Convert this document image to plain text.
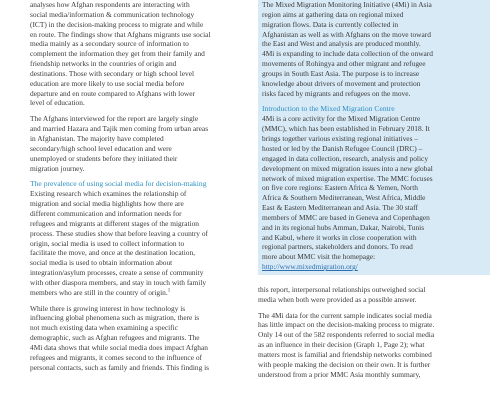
analyses how Afghan respondents are interacting with
social media/information & communication technology
(ICT) in the decision-making process to migrate and while
en route. The findings show that Afghans migrants use social
media mainly as a secondary source of information to
complement the information they get from their family and
friendship networks in the countries of origin and
destinations. Those with secondary or high school level
education are more likely to use social media before
departure and en route compared to Afghans with lower
level of education.

The Afghans interviewed for the report are largely single
and married Hazara and Tajik men coming from urban areas
in Afghanistan. The majority have completed
secondary/high school level education and were
unemployed or students before they initiated their
migration journey.

The prevalence of using social media for decision-making

Existing research which examines the relationship of
migration and social media highlights how there are
different communication and information needs for
refugees and migrants at different stages of the migration
process. These studies show that before leaving a country of
origin, social media is used to collect information to
facilitate the move, and once at the destination location,
social media is used to obtain information about
integration/asylum processes, create a sense of community
with other diaspora members, and stay in touch with family
members who are still in the country of origin.$^1$

While there is growing interest in how technology is
influencing global phenomena such as migration, there is
not much existing data when examining a specific
demographic, such as Afghan refugees and migrants. The
4Mi data shows that while social media does impact Afghan
refugees and migrants, it comes second to the influence of
personal contacts, such as family and friends. This finding is

The Mixed Migration Monitoring Initiative (4Mi) in Asia
region aims at gathering data on regional mixed
migration flows. Data is currently collected in
Afghanistan as well as with Afghans on the move toward
the East and West and analysis are produced monthly.
4Mi is expanding to include data collection of the onward
movements of Rohingya and other migrant and refugee
groups in South East Asia. The purpose is to increase
knowledge about drivers of movement and protection
risks faced by migrants and refugees on the move.

Introduction to the Mixed Migration Centre

4Mi is a core activity for the Mixed Migration Centre
(MMC), which has been established in February 2018. It
brings together various existing regional initiatives –
hosted or led by the Danish Refugee Council (DRC) –
engaged in data collection, research, analysis and policy
development on mixed migration issues into a new global
network of mixed migration expertise. The MMC focuses
on five core regions: Eastern Africa & Yemen, North
Africa & Southern Mediterranean, West Africa, Middle
East & Eastern Mediterranean and Asia. The 30 staff
members of MMC are based in Geneva and Copenhagen
and in its regional hubs Amman, Dakar, Nairobi, Tunis
and Kabul, where it works in close cooperation with
regional partners, stakeholders and donors. To read
more about MMC visit the homepage:
http://www.mixedmigration.org/

this report, interpersonal relationships outweighed social
media when both were provided as a possible answer.

The 4Mi data for the current sample indicates social media
has little impact on the decision-making process to migrate.
Only 14 out of the 582 respondents referred to social media
as an influence in their decision (Graph 1, Page 2); what
matters most is familial and friendship networks combined
with people making the decision on their own. It is further
understood from a prior MMC Asia monthly summary,
